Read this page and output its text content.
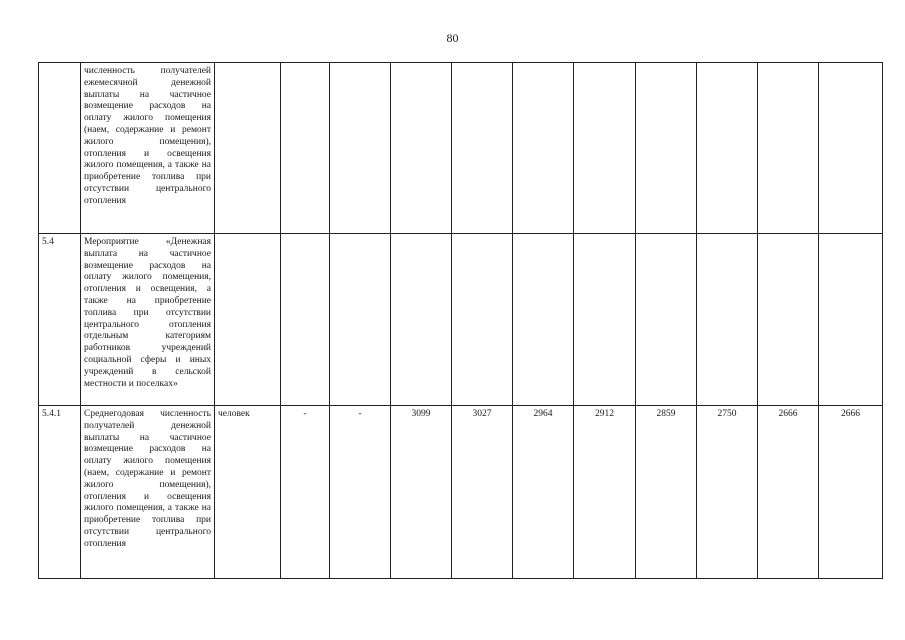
80
	численность получателей ежемесячной денежной выплаты на частичное возмещение расходов на оплату жилого помещения (наем, содержание и ремонт жилого помещения), отопления и освещения жилого помещения, а также на приобретение топлива при отсутствии центрального отопления											
5.4	Мероприятие «Денежная выплата на частичное возмещение расходов на оплату жилого помещения, отопления и освещения, а также на приобретение топлива при отсутствии центрального отопления отдельным категориям работников учреждений социальной сферы и иных учреждений в сельской местности и поселках»											
5.4.1	Среднегодовая численность получателей денежной выплаты на частичное возмещение расходов на оплату жилого помещения (наем, содержание и ремонт жилого помещения), отопления и освещения жилого помещения, а также на приобретение топлива при отсутствии центрального отопления	человек	-	-	3099	3027	2964	2912	2859	2750	2666	2666
